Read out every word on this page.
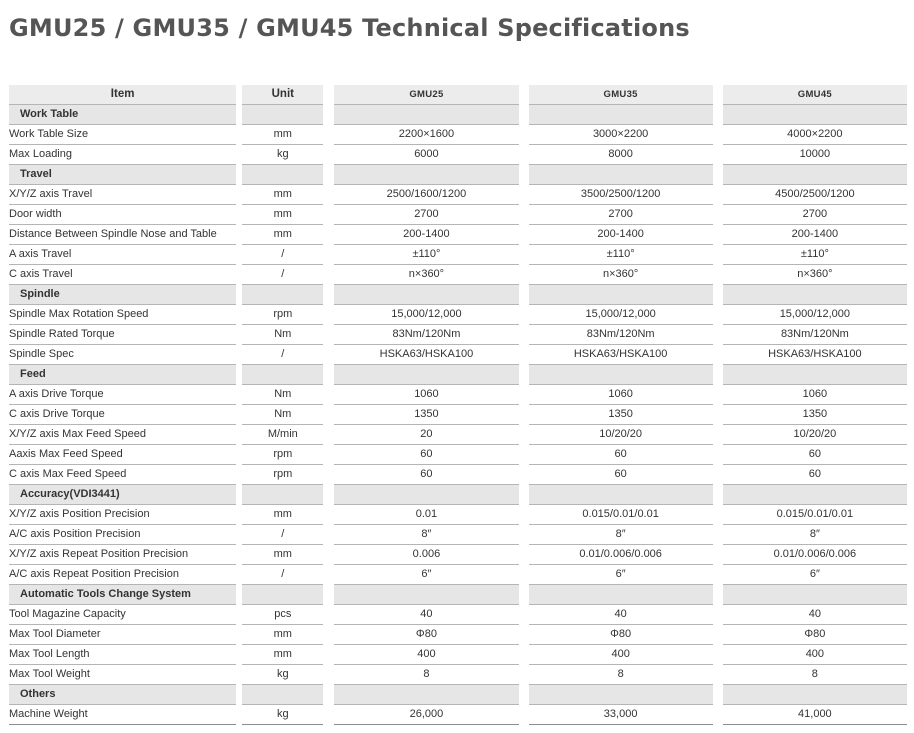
GMU25 / GMU35 / GMU45 Technical Specifications
Item		Unit		GMU25		GMU35		GMU45
Work Table								
Work Table Size		mm		2200×1600		3000×2200		4000×2200
Max Loading		kg		6000		8000		10000
Travel								
X/Y/Z axis Travel		mm		2500/1600/1200		3500/2500/1200		4500/2500/1200
Door width		mm		2700		2700		2700
Distance Between Spindle Nose and Table		mm		200-1400		200-1400		200-1400
A axis Travel		/		±110°		±110°		±110°
C axis Travel		/		n×360°		n×360°		n×360°
Spindle								
Spindle Max Rotation Speed		rpm		15,000/12,000		15,000/12,000		15,000/12,000
Spindle Rated Torque		Nm		83Nm/120Nm		83Nm/120Nm		83Nm/120Nm
Spindle Spec		/		HSKA63/HSKA100		HSKA63/HSKA100		HSKA63/HSKA100
Feed								
A axis Drive Torque		Nm		1060		1060		1060
C axis Drive Torque		Nm		1350		1350		1350
X/Y/Z axis Max Feed Speed		M/min		20		10/20/20		10/20/20
Aaxis Max Feed Speed		rpm		60		60		60
C axis Max Feed Speed		rpm		60		60		60
Accuracy(VDI3441)								
X/Y/Z axis Position Precision		mm		0.01		0.015/0.01/0.01		0.015/0.01/0.01
A/C axis Position Precision		/		8″		8″		8″
X/Y/Z axis Repeat Position Precision		mm		0.006		0.01/0.006/0.006		0.01/0.006/0.006
A/C axis Repeat Position Precision		/		6″		6″		6″
Automatic Tools Change System								
Tool Magazine Capacity		pcs		40		40		40
Max Tool Diameter		mm		Φ80		Φ80		Φ80
Max Tool Length		mm		400		400		400
Max Tool Weight		kg		8		8		8
Others								
Machine Weight		kg		26,000		33,000		41,000
